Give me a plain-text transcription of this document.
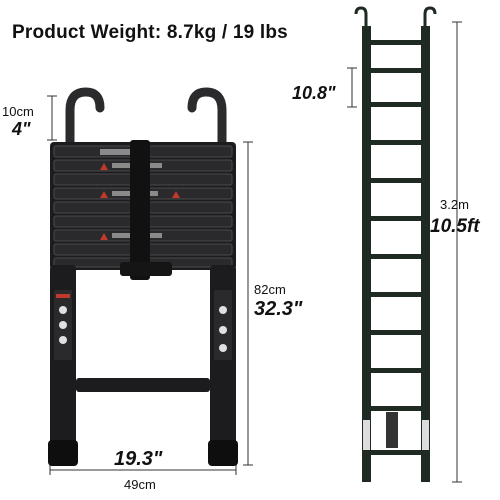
Product Weight: 8.7kg / 19 lbs
10cm
4"
82cm
32.3"
19.3"
49cm
10.8"
3.2m
10.5ft
